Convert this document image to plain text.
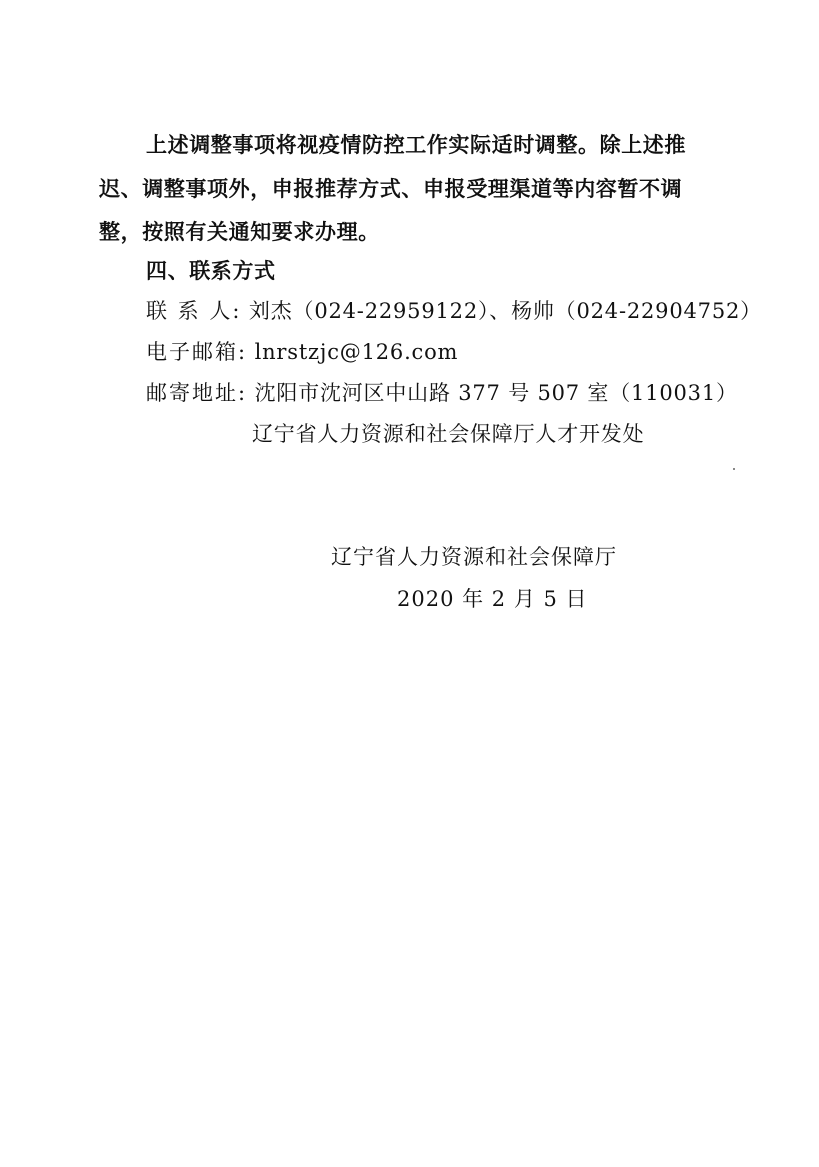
上述调整事项将视疫情防控工作实际适时调整。除上述推
迟、调整事项外，申报推荐方式、申报受理渠道等内容暂不调
整，按照有关通知要求办理。
四、联系方式
联 系 人: 刘杰（024-22959122）、杨帅（024-22904752）
电子邮箱: lnrstzjc@126.com
邮寄地址: 沈阳市沈河区中山路 377 号 507 室（110031）
辽宁省人力资源和社会保障厅人才开发处
辽宁省人力资源和社会保障厅
2020 年 2 月 5 日
